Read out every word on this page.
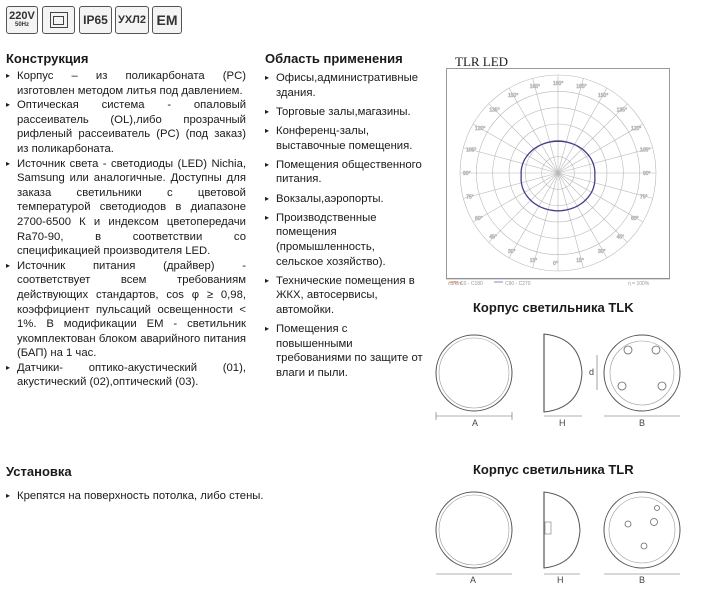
220V
50Hz	IP65 УХЛ2 EM
Конструкция
▸ Корпус – из поликарбоната (PC) изготовлен методом литья под давлением.
▸ Оптическая система - опаловый рассеиватель (OL),либо прозрачный рифленый рассеиватель (PC) (под заказ) из поликарбоната.
▸ Источник света - светодиоды (LED) Nichia, Samsung или аналогичные. Доступны для заказа светильники с цветовой температурой светодиодов в диапазоне 2700-6500 К и индексом цветопередачи Ra70-90, в соответствии со спецификацией производителя LED.
▸ Источник питания (драйвер) - соответствует всем требованиям действующих стандартов, cos φ ≥ 0,98, коэффициент пульсаций освещенности < 1%. В модификации EM - светильник укомплектован блоком аварийного питания (БАП) на 1 час.
▸ Датчики- оптико-акустический (01), акустический (02),оптический (03).
Область применения
▸ Офисы,административные здания.
▸ Торговые залы,магазины.
▸ Конференц-залы, выставочные помещения.
▸ Помещения общественного питания.
▸ Вокзалы,аэропорты.
▸ Производственные помещения (промышленность, сельское хозяйство).
▸ Технические помещения в ЖКХ, автосервисы, автомойки.
▸ Помещения с повышенными требованиями по защите от влаги и пыли.
TLR LED
180°
165°	165°
150°	150°
135°	135°
120°	120°
105°	105°
90°	90°
75°	75°
60°	60°
45°	45°
30°	30°
15°	15°
0°
cd/klm
C0 - C180	C90 - C270	η = 100%
Корпус светильника TLK
A	H	B
d
Установка
▸ Крепятся на поверхность потолка, либо стены.
Корпус светильника TLR
A	H	B
